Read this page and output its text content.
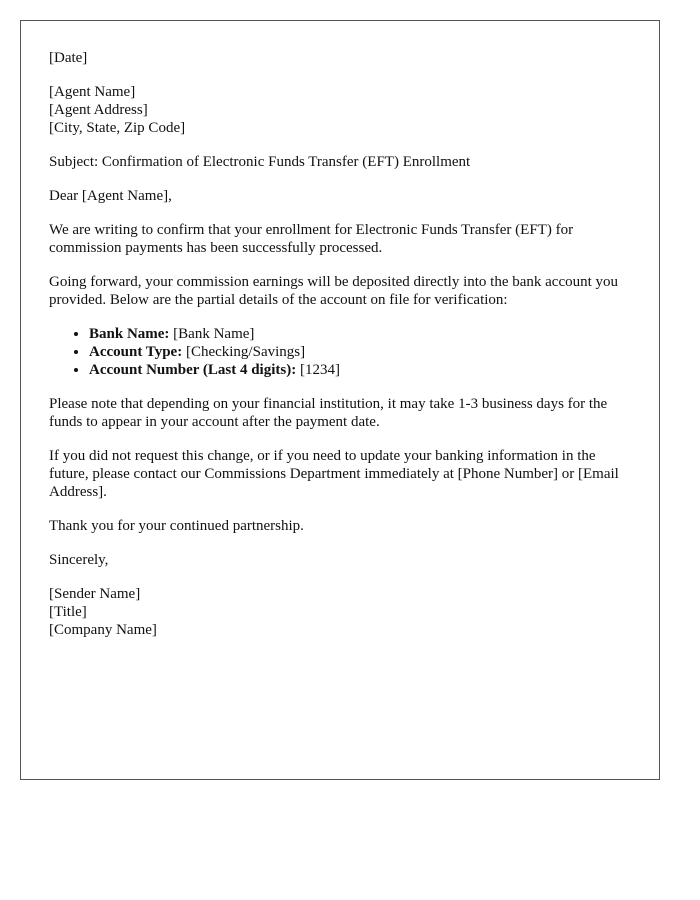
[Date]

[Agent Name]
[Agent Address]
[City, State, Zip Code]

Subject: Confirmation of Electronic Funds Transfer (EFT) Enrollment

Dear [Agent Name],

We are writing to confirm that your enrollment for Electronic Funds Transfer (EFT) for commission payments has been successfully processed.

Going forward, your commission earnings will be deposited directly into the bank account you provided. Below are the partial details of the account on file for verification:

• Bank Name: [Bank Name]
• Account Type: [Checking/Savings]
• Account Number (Last 4 digits): [1234]

Please note that depending on your financial institution, it may take 1-3 business days for the funds to appear in your account after the payment date.

If you did not request this change, or if you need to update your banking information in the future, please contact our Commissions Department immediately at [Phone Number] or [Email Address].

Thank you for your continued partnership.

Sincerely,

[Sender Name]
[Title]
[Company Name]
